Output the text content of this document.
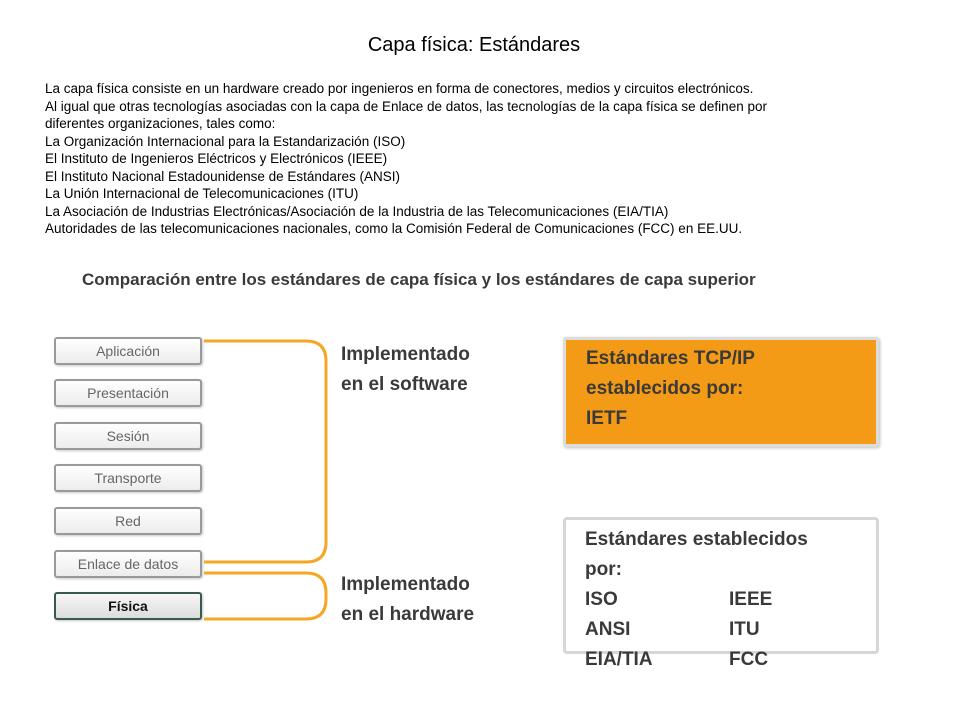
Capa física: Estándares
La capa física consiste en un hardware creado por ingenieros en forma de conectores, medios y circuitos electrónicos.
Al igual que otras tecnologías asociadas con la capa de Enlace de datos, las tecnologías de la capa física se definen por
diferentes organizaciones, tales como:
La Organización Internacional para la Estandarización (ISO)
El Instituto de Ingenieros Eléctricos y Electrónicos (IEEE)
El Instituto Nacional Estadounidense de Estándares (ANSI)
La Unión Internacional de Telecomunicaciones (ITU)
La Asociación de Industrias Electrónicas/Asociación de la Industria de las Telecomunicaciones (EIA/TIA)
Autoridades de las telecomunicaciones nacionales, como la Comisión Federal de Comunicaciones (FCC) en EE.UU.
Comparación entre los estándares de capa física y los estándares de capa superior
Aplicación
Presentación
Sesión
Transporte
Red
Enlace de datos
Física
Implementado
en el software
Implementado
en el hardware
Estándares TCP/IP
establecidos por:
IETF
Estándares establecidos
por:
ISO
ANSI
EIA/TIA
IEEE
ITU
FCC
